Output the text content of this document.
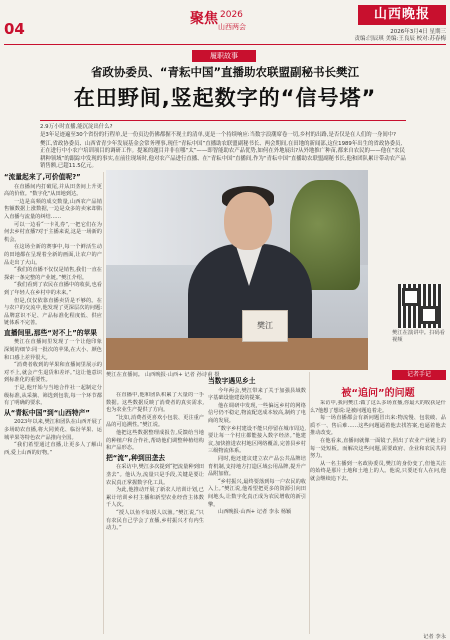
04
聚焦 2026
山西两会
山西晚报
2026年3月4日 星期三
责编:闫辰琪 美编:王良辰 校对:苏春梅
履职故事
省政协委员、“青耘中国”直播助农联盟副秘书长樊江
在田野间,竖起数字的“信号塔”

2.9万小时直播,能沉淀出什么?

是3年足迹遍至30个省份的行程单,是一份页边仍佛都握不现土的清单,更是一个持续响应:当数字浪潮席卷一切,乡村的出路,是否仅是在人们的一身间中?

樊江,省政协委员、山西省青少年发展基金会常务理事,现任“青耘中国”直播助农联盟副秘书长、两会期间,在田地的新闻部,这位1989年出生的省政协委员,正在进行中小农户培训项目的调研工作。提案的题目并非在哪“太”——即智能助农产品优势,如何在外地展出?从外地推广种苗,都来自农民的——他在“农民耕种领域”的跟踪中发现的事实,在前往现场时,他对农产品进行直播、在“青耘中国”直播间,作为“青耘中国”直播助农联盟副秘书长,他和团队累计带动农产品销售额,已超11.5亿元。

“流量起来了,可价值呢?”

在直播间内打破尾,并从田垄间上升更高的价值。"数字化"从田地到达。

一边是高频的成交数量,山西农产品销售额数据上涨数据,一边是众多的卖家却陷入直播与流量的纠结……

可以一边看“一卡礼券”,一把它们在为何去乡村直播?对于主播来说,这是一场新的机会。

在这场全新的赛事中,每一个鲜活生动的田地都在呈现着全新的画面,让农户的产品走出了大山。

“我们的直播不仅仅是销售,我们一直在探索一条完整的产业链。”樊江介绍。

“我们看到了农民在直播中的收获,也看到了年轻人在乡村中的未来。”

但是,仅仅依靠直播卖货是不够的。在与农户的交流中,他发现了更深层次的问题:品牌意识不足、产品标准化程度低、供应链体系不完善。

直播间里,那些“对不上”的苹果

樊江在直播间里发现了一个让他印象深刻的细节:同一批次的苹果,在大小、颜色和口感上差异很大。

“消费者收到的苹果和直播间里展示的对不上,就会产生退货和差评。”这让他意识到标准化的重要性。

于是,他开始与当地合作社一起制定分级标准,从采摘、筛选到包装,每一个环节都有了明确的要求。

从“青耘中国”到“山西特产”

2023年以来,樊江和团队在山西开展了多场助农直播,将大同黄花、临汾苹果、运城苹果等特色农产品推向全国。

“我们希望通过直播,让更多人了解山西,爱上山西的好物。”

樊江

在直播中,他和团队积累了大量的一手数据。这些数据反映了消费者的真实需求,也为农业生产提供了方向。

“比如,消费者更喜欢小包装、更注重产品的可追溯性。”樊江说。

他把这些数据整理成报告,反馈给当地的种植户和合作社,帮助他们调整种植结构和产品形态。

把“流”,种到田垄去

在采访中,樊江多次提到“把流量种到田垄去”。他认为,流量只是手段,关键是要让农民真正掌握数字化工具。

为此,他推动开展了新农人培训计划,已累计培训乡村主播和新型农业经营主体数千人次。

“授人以鱼不如授人以渔。”樊江说,“只有农民自己学会了直播,乡村振兴才有内生动力。”

当数字遇见乡土

今年两会,樊江带来了关于加强县域数字基础设施建设的提案。

他在调研中发现,一些偏远乡村的网络信号仍不稳定,物流配送成本较高,制约了电商的发展。

“数字乡村建设不能只停留在城市周边,要让每一个村庄都能接入数字经济。”他建议,加快推进农村地区网络覆盖,完善县乡村三级物流体系。

同时,他还建议建立农产品公共品牌培育机制,支持地方打造区域公用品牌,提升产品附加值。

“乡村振兴,最终要落到每一户农民的收入上。”樊江说,他希望把更多的资源引向田间地头,让数字化真正成为农民增收的新引擎。

山西晚报·山西+ 记者 李永 杨颖

樊江在演讲中。扫码看视频
记者手记
被“追问”的问题

采访中,我问樊江:做了这么多场直播,你最大的收获是什么?他想了想说:是被问题追着走。

每一场直播都会有新问题冒出来:物流慢、包装破、品质不一、售后难……这些问题逼着他去找答案,也逼着他去推动改变。

在他看来,直播间就像一面镜子,照出了农业产业链上的每一处短板。而解决这些问题,需要政府、企业和农民共同努力。

从一名主播到一名政协委员,樊江的身份变了,但他关注的始终是那片土地和土地上的人。他说,只要还有人在问,他就会继续追下去。

记者 李永
樊江在直播间。 山西晚报·山西+ 记者 孙诗甫 摄
